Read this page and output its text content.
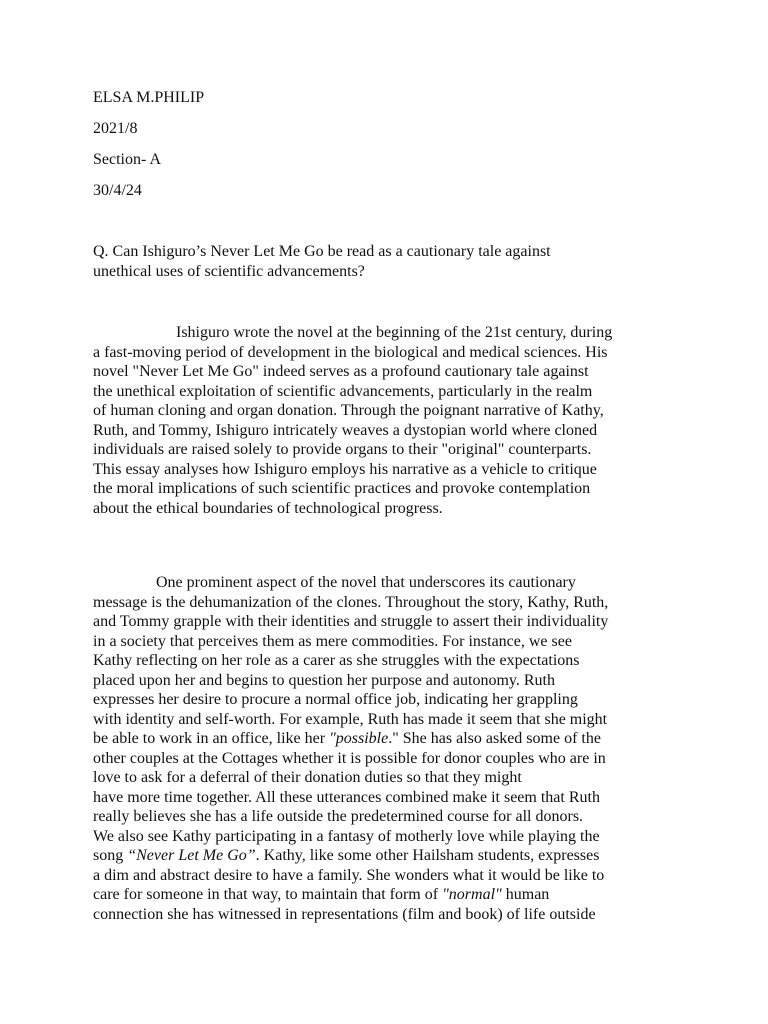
ELSA M.PHILIP
2021/8
Section- A
30/4/24
Q. Can Ishiguro’s Never Let Me Go be read as a cautionary tale against
unethical uses of scientific advancements?
Ishiguro wrote the novel at the beginning of the 21st century, during
a fast-moving period of development in the biological and medical sciences. His
novel "Never Let Me Go" indeed serves as a profound cautionary tale against
the unethical exploitation of scientific advancements, particularly in the realm
of human cloning and organ donation. Through the poignant narrative of Kathy,
Ruth, and Tommy, Ishiguro intricately weaves a dystopian world where cloned
individuals are raised solely to provide organs to their "original" counterparts.
This essay analyses how Ishiguro employs his narrative as a vehicle to critique
the moral implications of such scientific practices and provoke contemplation
about the ethical boundaries of technological progress.
One prominent aspect of the novel that underscores its cautionary
message is the dehumanization of the clones. Throughout the story, Kathy, Ruth,
and Tommy grapple with their identities and struggle to assert their individuality
in a society that perceives them as mere commodities. For instance, we see
Kathy reflecting on her role as a carer as she struggles with the expectations
placed upon her and begins to question her purpose and autonomy. Ruth
expresses her desire to procure a normal office job, indicating her grappling
with identity and self-worth. For example, Ruth has made it seem that she might
be able to work in an office, like her "possible." She has also asked some of the
other couples at the Cottages whether it is possible for donor couples who are in
love to ask for a deferral of their donation duties so that they might
have more time together. All these utterances combined make it seem that Ruth
really believes she has a life outside the predetermined course for all donors.
We also see Kathy participating in a fantasy of motherly love while playing the
song “Never Let Me Go”. Kathy, like some other Hailsham students, expresses
a dim and abstract desire to have a family. She wonders what it would be like to
care for someone in that way, to maintain that form of "normal" human
connection she has witnessed in representations (film and book) of life outside
